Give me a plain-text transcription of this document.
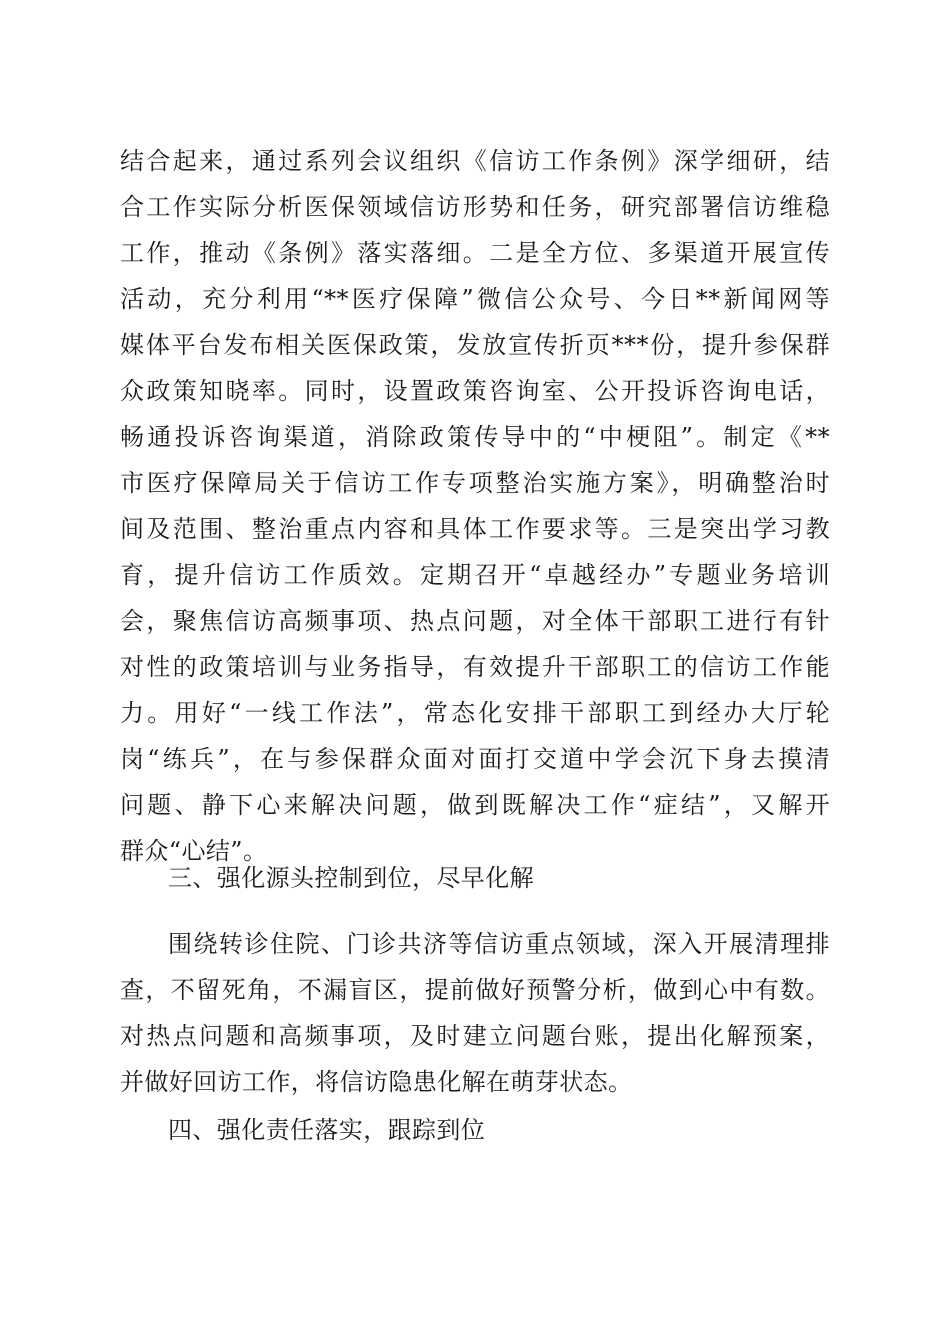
结合起来，通过系列会议组织《信访工作条例》深学细研，结
合工作实际分析医保领域信访形势和任务，研究部署信访维稳
工作，推动《条例》落实落细。二是全方位、多渠道开展宣传
活动，充分利用“**医疗保障”微信公众号、今日**新闻网等
媒体平台发布相关医保政策，发放宣传折页***份，提升参保群
众政策知晓率。同时，设置政策咨询室、公开投诉咨询电话，
畅通投诉咨询渠道，消除政策传导中的“中梗阻”。制定《**
市医疗保障局关于信访工作专项整治实施方案》，明确整治时
间及范围、整治重点内容和具体工作要求等。三是突出学习教
育，提升信访工作质效。定期召开“卓越经办”专题业务培训
会，聚焦信访高频事项、热点问题，对全体干部职工进行有针
对性的政策培训与业务指导，有效提升干部职工的信访工作能
力。用好“一线工作法”，常态化安排干部职工到经办大厅轮
岗“练兵”，在与参保群众面对面打交道中学会沉下身去摸清
问题、静下心来解决问题，做到既解决工作“症结”，又解开
群众“心结”。
三、强化源头控制到位，尽早化解
围绕转诊住院、门诊共济等信访重点领域，深入开展清理排
查，不留死角，不漏盲区，提前做好预警分析，做到心中有数。
对热点问题和高频事项，及时建立问题台账，提出化解预案，
并做好回访工作，将信访隐患化解在萌芽状态。
四、强化责任落实，跟踪到位
